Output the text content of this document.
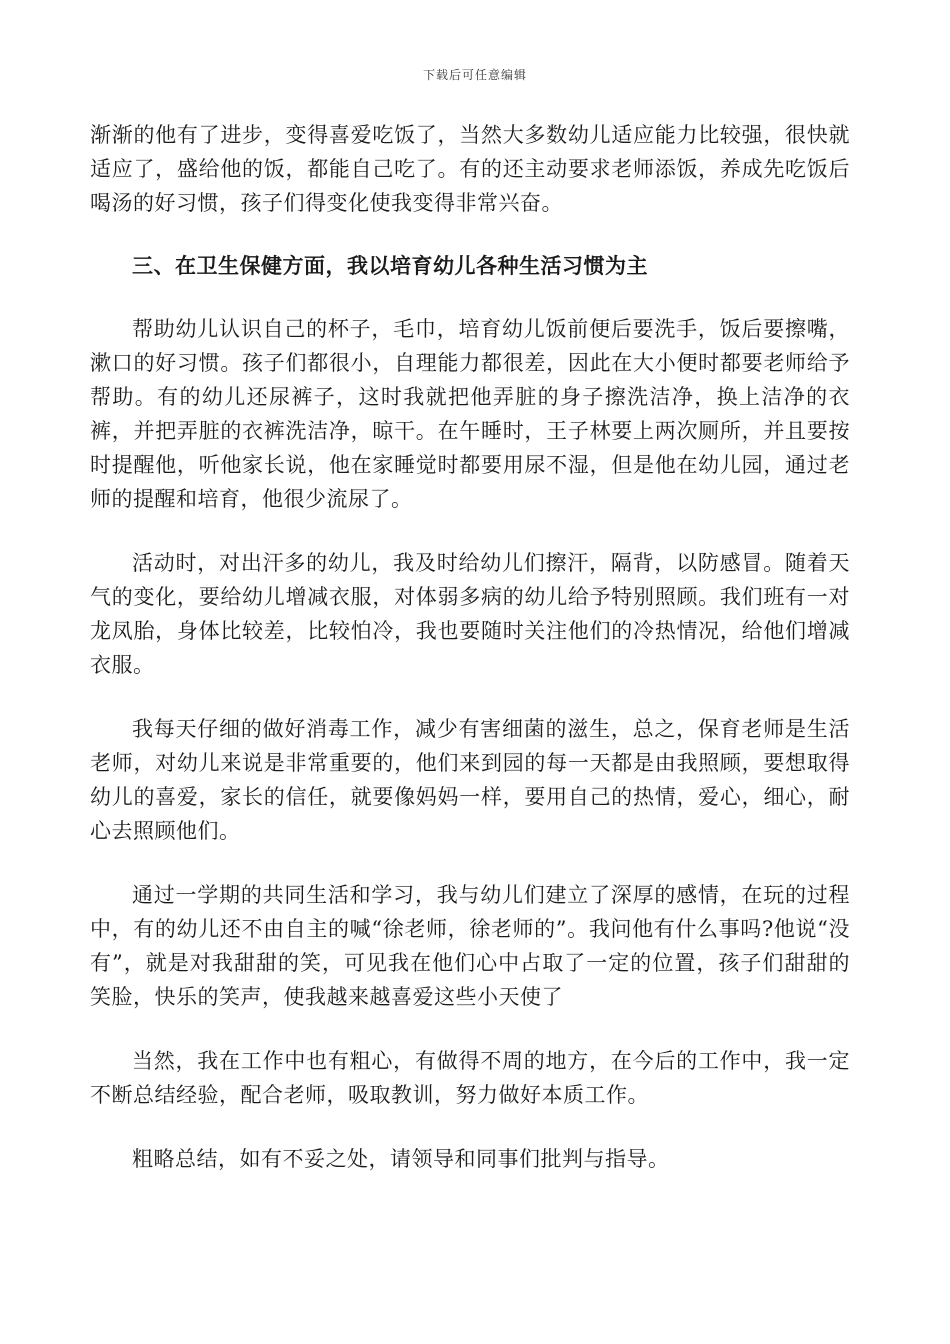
下载后可任意编辑

渐渐的他有了进步，变得喜爱吃饭了，当然大多数幼儿适应能力比较强，很快就适应了，盛给他的饭，都能自己吃了。有的还主动要求老师添饭，养成先吃饭后喝汤的好习惯，孩子们得变化使我变得非常兴奋。

三、在卫生保健方面，我以培育幼儿各种生活习惯为主

帮助幼儿认识自己的杯子，毛巾，培育幼儿饭前便后要洗手，饭后要擦嘴，漱口的好习惯。孩子们都很小，自理能力都很差，因此在大小便时都要老师给予帮助。有的幼儿还尿裤子，这时我就把他弄脏的身子擦洗洁净，换上洁净的衣裤，并把弄脏的衣裤洗洁净，晾干。在午睡时，王子林要上两次厕所，并且要按时提醒他，听他家长说，他在家睡觉时都要用尿不湿，但是他在幼儿园，通过老师的提醒和培育，他很少流尿了。

活动时，对出汗多的幼儿，我及时给幼儿们擦汗，隔背，以防感冒。随着天气的变化，要给幼儿增减衣服，对体弱多病的幼儿给予特别照顾。我们班有一对龙凤胎，身体比较差，比较怕冷，我也要随时关注他们的冷热情况，给他们增减衣服。

我每天仔细的做好消毒工作，减少有害细菌的滋生，总之，保育老师是生活老师，对幼儿来说是非常重要的，他们来到园的每一天都是由我照顾，要想取得幼儿的喜爱，家长的信任，就要像妈妈一样，要用自己的热情，爱心，细心，耐心去照顾他们。

通过一学期的共同生活和学习，我与幼儿们建立了深厚的感情，在玩的过程中，有的幼儿还不由自主的喊“徐老师，徐老师的”。我问他有什么事吗?他说“没有”，就是对我甜甜的笑，可见我在他们心中占取了一定的位置，孩子们甜甜的笑脸，快乐的笑声，使我越来越喜爱这些小天使了

当然，我在工作中也有粗心，有做得不周的地方，在今后的工作中，我一定不断总结经验，配合老师，吸取教训，努力做好本质工作。

粗略总结，如有不妥之处，请领导和同事们批判与指导。
